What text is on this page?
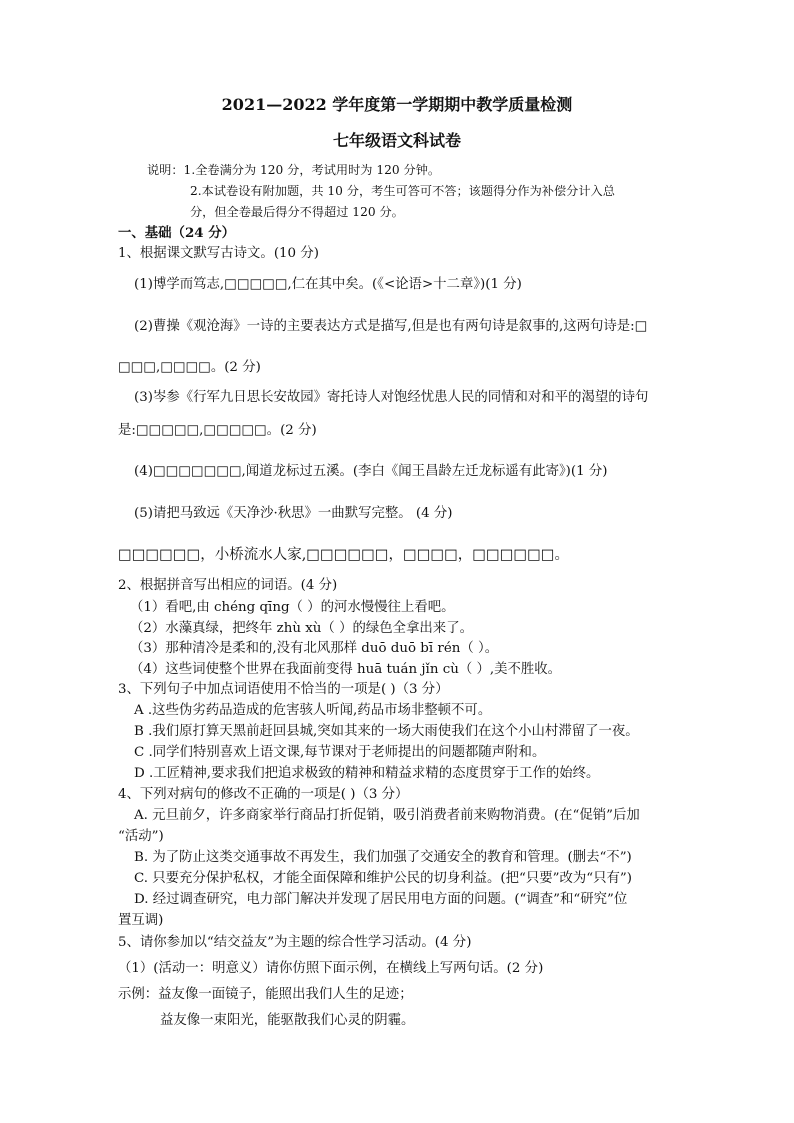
2021—2022 学年度第一学期期中教学质量检测
七年级语文科试卷
说明：1.全卷满分为 120 分，考试用时为 120 分钟。
2.本试卷设有附加题，共 10 分，考生可答可不答；该题得分作为补偿分计入总
分，但全卷最后得分不得超过 120 分。
一、基础（24 分）
1、根据课文默写古诗文。(10 分)
(1)博学而笃志,□□□□□,仁在其中矣。(《<论语>十二章》)(1 分)
(2)曹操《观沧海》一诗的主要表达方式是描写,但是也有两句诗是叙事的,这两句诗是:□
□□□,□□□□。(2 分)
(3)岑参《行军九日思长安故园》寄托诗人对饱经忧患人民的同情和对和平的渴望的诗句
是:□□□□□,□□□□□。(2 分)
(4)□□□□□□□,闻道龙标过五溪。(李白《闻王昌龄左迁龙标遥有此寄》)(1 分)
(5)请把马致远《天净沙·秋思》一曲默写完整。 (4 分)
□□□□□□，小桥流水人家,□□□□□□，□□□□，□□□□□□。
2、根据拼音写出相应的词语。(4 分)
（1）看吧,由 chéng qīng（ ）的河水慢慢往上看吧。
（2）水藻真绿，把终年 zhù xù（ ）的绿色全拿出来了。
（3）那种清冷是柔和的,没有北风那样 duō duō bī rén（ ）。
（4）这些词使整个世界在我面前变得 huā tuán jǐn cù（ ）,美不胜收。
3、下列句子中加点词语使用不恰当的一项是( )（3 分）
A .这些伪劣药品造成的危害骇人听闻,药品市场非整顿不可。
B .我们原打算天黑前赶回县城,突如其来的一场大雨使我们在这个小山村滞留了一夜。
C .同学们特别喜欢上语文课,每节课对于老师提出的问题都随声附和。
D .工匠精神,要求我们把追求极致的精神和精益求精的态度贯穿于工作的始终。
4、下列对病句的修改不正确的一项是( )（3 分）
A. 元旦前夕，许多商家举行商品打折促销，吸引消费者前来购物消费。(在“促销”后加
“活动”)
B. 为了防止这类交通事故不再发生，我们加强了交通安全的教育和管理。(删去“不”)
C. 只要充分保护私权，才能全面保障和维护公民的切身利益。(把“只要”改为“只有”)
D. 经过调查研究，电力部门解决并发现了居民用电方面的问题。(“调查”和“研究”位
置互调)
5、请你参加以“结交益友”为主题的综合性学习活动。(4 分)
（1）(活动一：明意义）请你仿照下面示例，在横线上写两句话。(2 分)
示例：益友像一面镜子，能照出我们人生的足迹；
益友像一束阳光，能驱散我们心灵的阴霾。
